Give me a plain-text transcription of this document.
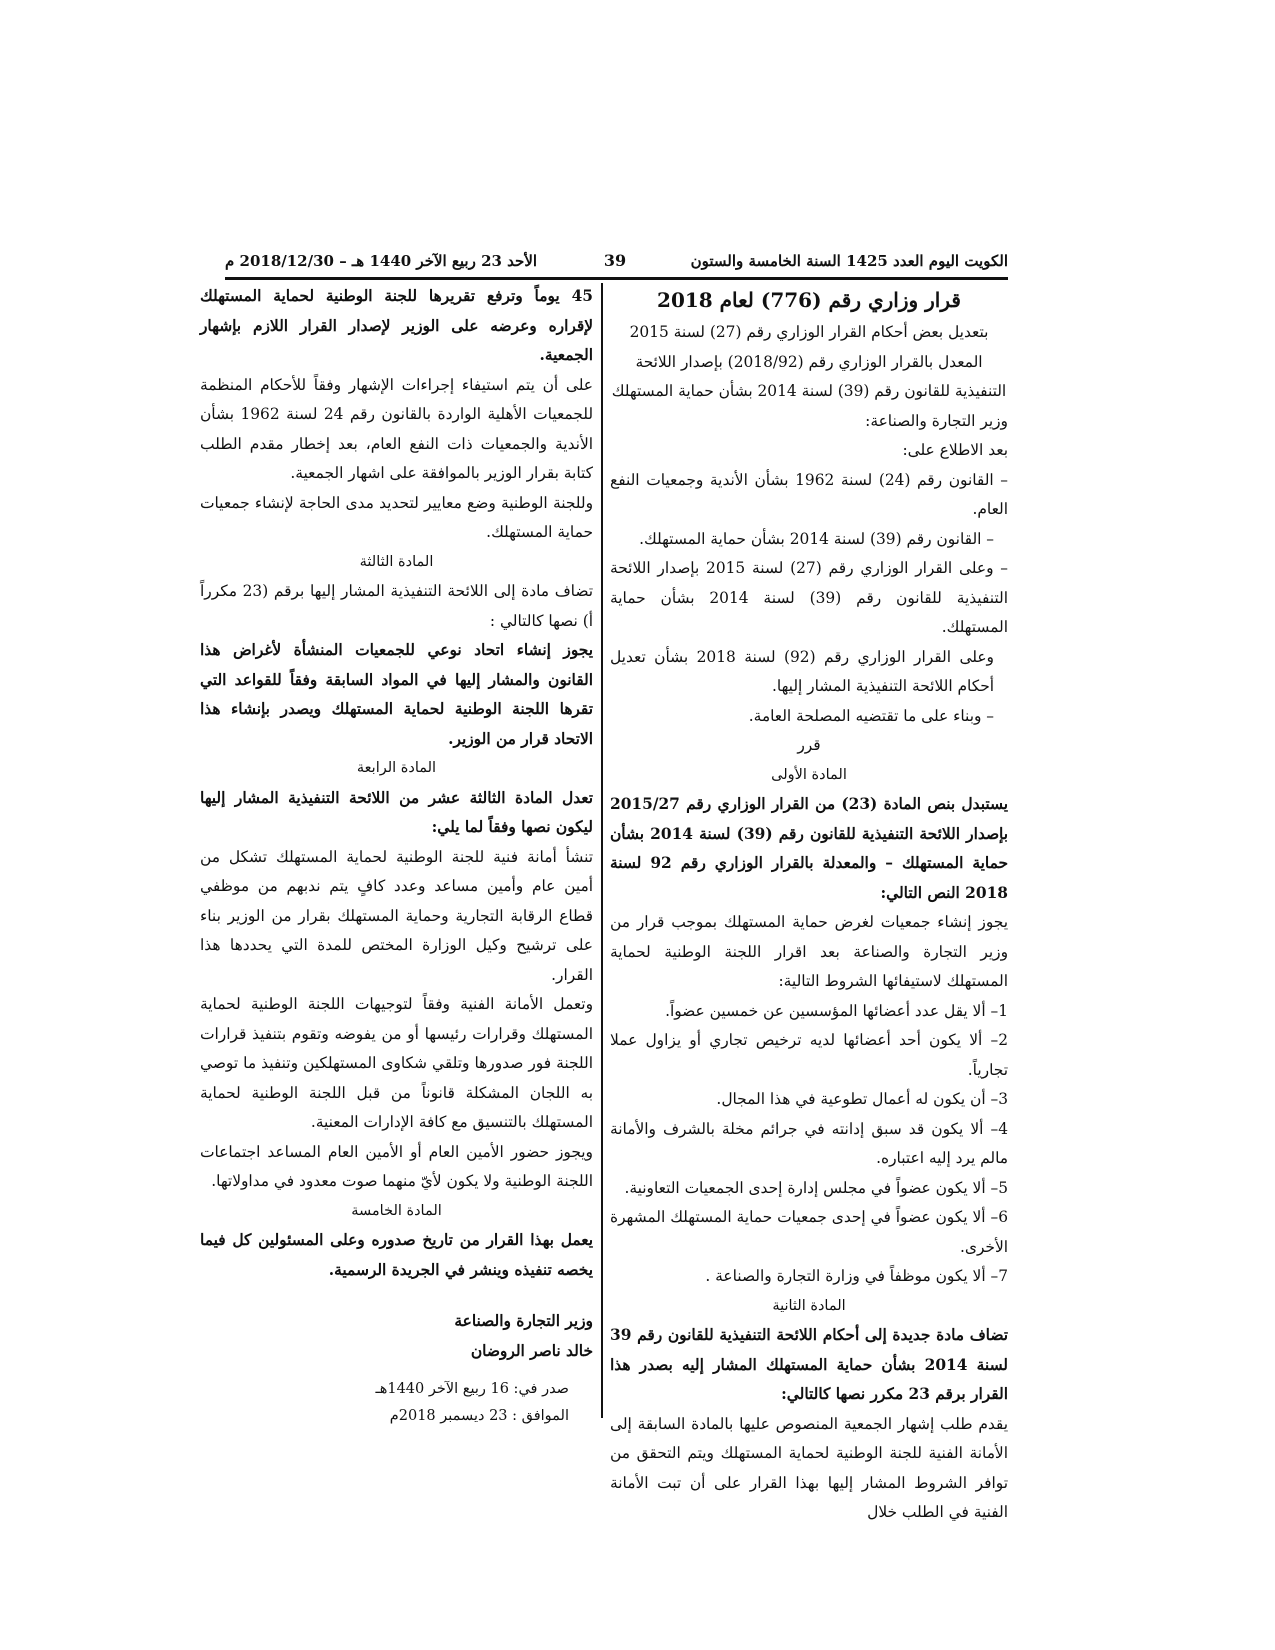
الكويت اليوم العدد 1425 السنة الخامسة والستون
39
الأحد 23 ربيع الآخر 1440 هـ – 2018/12/30 م

قرار وزاري رقم (776) لعام 2018

بتعديل بعض أحكام القرار الوزاري رقم (27) لسنة 2015 المعدل بالقرار الوزاري رقم (2018/92) بإصدار اللائحة التنفيذية للقانون رقم (39) لسنة 2014 بشأن حماية المستهلك

وزير التجارة والصناعة:

بعد الاطلاع على:

– القانون رقم (24) لسنة 1962 بشأن الأندية وجمعيات النفع العام.

– القانون رقم (39) لسنة 2014 بشأن حماية المستهلك.

– وعلى القرار الوزاري رقم (27) لسنة 2015 بإصدار اللائحة التنفيذية للقانون رقم (39) لسنة 2014 بشأن حماية المستهلك.

وعلى القرار الوزاري رقم (92) لسنة 2018 بشأن تعديل أحكام اللائحة التنفيذية المشار إليها.

– وبناء على ما تقتضيه المصلحة العامة.

قرر

المادة الأولى

يستبدل بنص المادة (23) من القرار الوزاري رقم 2015/27 بإصدار اللائحة التنفيذية للقانون رقم (39) لسنة 2014 بشأن حماية المستهلك – والمعدلة بالقرار الوزاري رقم 92 لسنة 2018 النص التالي:

يجوز إنشاء جمعيات لغرض حماية المستهلك بموجب قرار من وزير التجارة والصناعة بعد اقرار اللجنة الوطنية لحماية المستهلك لاستيفائها الشروط التالية:

1– ألا يقل عدد أعضائها المؤسسين عن خمسين عضواً.

2– ألا يكون أحد أعضائها لديه ترخيص تجاري أو يزاول عملا تجارياً.

3– أن يكون له أعمال تطوعية في هذا المجال.

4– ألا يكون قد سبق إدانته في جرائم مخلة بالشرف والأمانة مالم يرد إليه اعتباره.

5– ألا يكون عضواً في مجلس إدارة إحدى الجمعيات التعاونية.

6– ألا يكون عضواً في إحدى جمعيات حماية المستهلك المشهرة الأخرى.

7– ألا يكون موظفاً في وزارة التجارة والصناعة .

المادة الثانية

تضاف مادة جديدة إلى أحكام اللائحة التنفيذية للقانون رقم 39 لسنة 2014 بشأن حماية المستهلك المشار إليه بصدر هذا القرار برقم 23 مكرر نصها كالتالي:

يقدم طلب إشهار الجمعية المنصوص عليها بالمادة السابقة إلى الأمانة الفنية للجنة الوطنية لحماية المستهلك ويتم التحقق من توافر الشروط المشار إليها بهذا القرار على أن تبت الأمانة الفنية في الطلب خلال

45 يوماً وترفع تقريرها للجنة الوطنية لحماية المستهلك لإقراره وعرضه على الوزير لإصدار القرار اللازم بإشهار الجمعية.

على أن يتم استيفاء إجراءات الإشهار وفقاً للأحكام المنظمة للجمعيات الأهلية الواردة بالقانون رقم 24 لسنة 1962 بشأن الأندية والجمعيات ذات النفع العام، بعد إخطار مقدم الطلب كتابة بقرار الوزير بالموافقة على اشهار الجمعية.

وللجنة الوطنية وضع معايير لتحديد مدى الحاجة لإنشاء جمعيات حماية المستهلك.

المادة الثالثة

تضاف مادة إلى اللائحة التنفيذية المشار إليها برقم (23 مكرراً أ) نصها كالتالي :

يجوز إنشاء اتحاد نوعي للجمعيات المنشأة لأغراض هذا القانون والمشار إليها في المواد السابقة وفقاً للقواعد التي تقرها اللجنة الوطنية لحماية المستهلك ويصدر بإنشاء هذا الاتحاد قرار من الوزير.

المادة الرابعة

تعدل المادة الثالثة عشر من اللائحة التنفيذية المشار إليها ليكون نصها وفقاً لما يلي:

تنشأ أمانة فنية للجنة الوطنية لحماية المستهلك تشكل من أمين عام وأمين مساعد وعدد كافٍ يتم ندبهم من موظفي قطاع الرقابة التجارية وحماية المستهلك بقرار من الوزير بناء على ترشيح وكيل الوزارة المختص للمدة التي يحددها هذا القرار.

وتعمل الأمانة الفنية وفقاً لتوجيهات اللجنة الوطنية لحماية المستهلك وقرارات رئيسها أو من يفوضه وتقوم بتنفيذ قرارات اللجنة فور صدورها وتلقي شكاوى المستهلكين وتنفيذ ما توصي به اللجان المشكلة قانوناً من قبل اللجنة الوطنية لحماية المستهلك بالتنسيق مع كافة الإدارات المعنية.

ويجوز حضور الأمين العام أو الأمين العام المساعد اجتماعات اللجنة الوطنية ولا يكون لأيّ منهما صوت معدود في مداولاتها.

المادة الخامسة

يعمل بهذا القرار من تاريخ صدوره وعلى المسئولين كل فيما يخصه تنفيذه وينشر في الجريدة الرسمية.

وزير التجارة والصناعة

خالد ناصر الروضان

صدر في: 16 ربيع الآخر 1440هـ

الموافق : 23 ديسمبر 2018م
